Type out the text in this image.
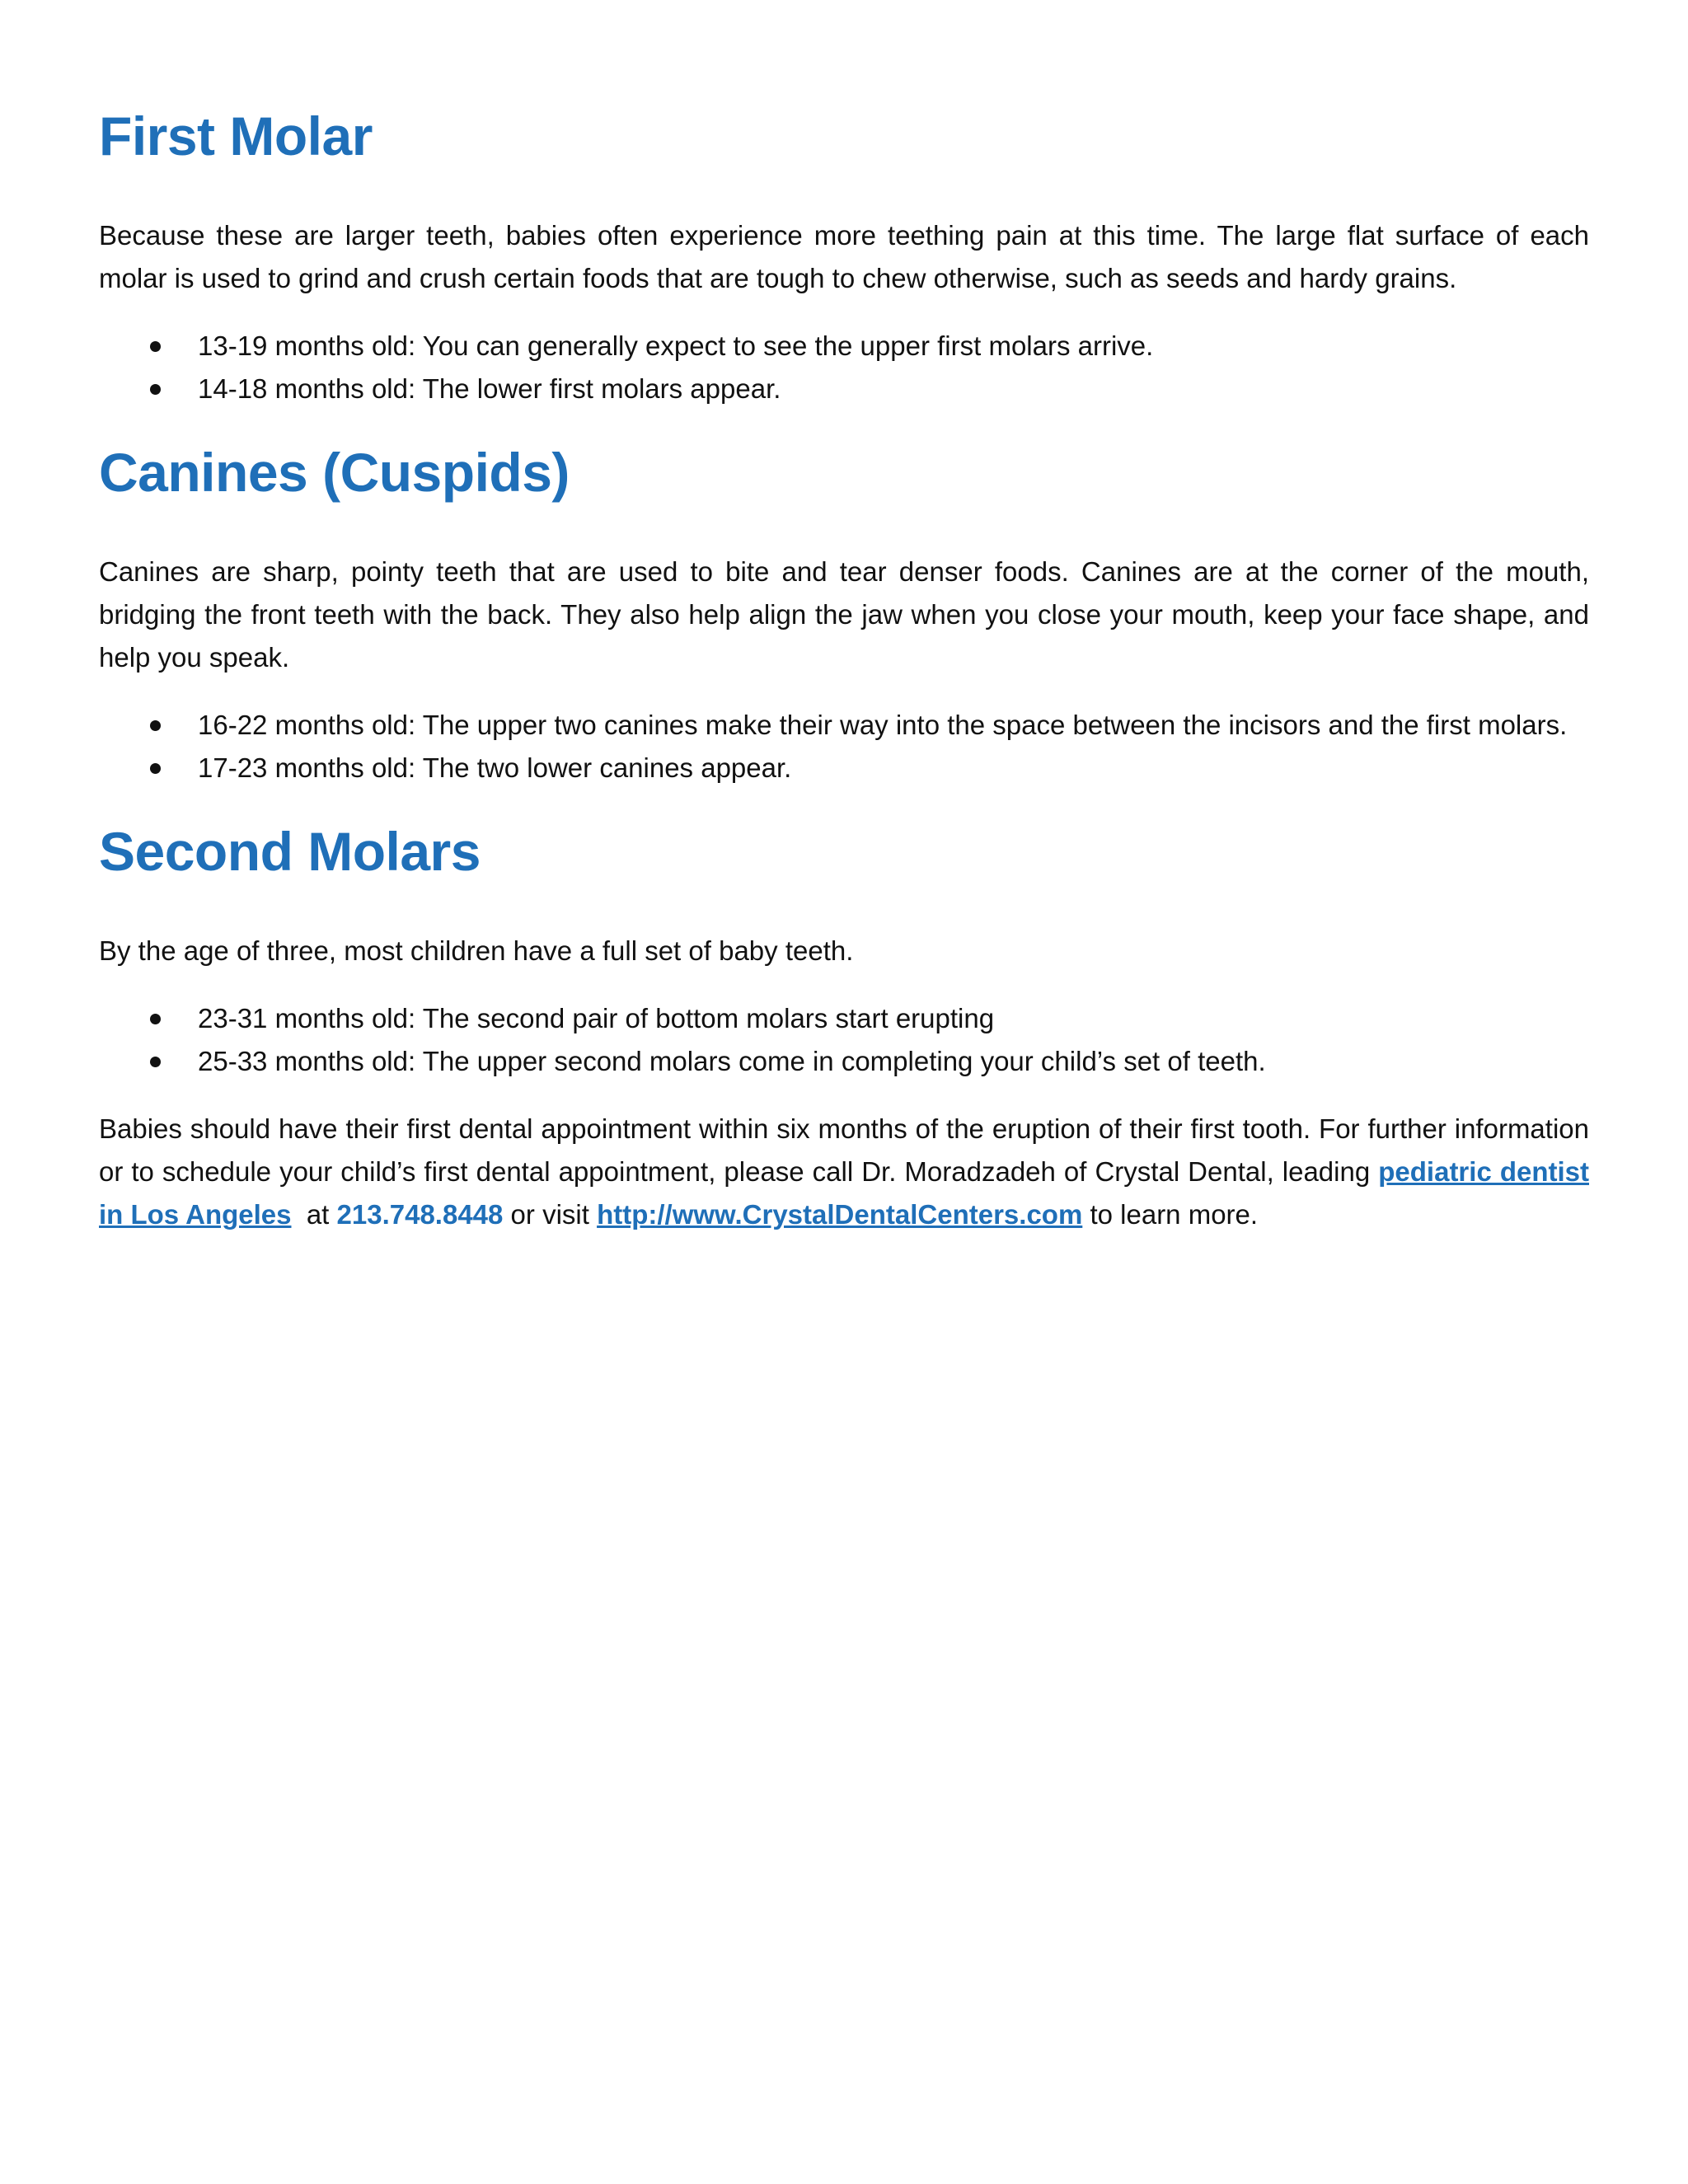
First Molar

Because these are larger teeth, babies often experience more teething pain at this time. The large flat surface of each molar is used to grind and crush certain foods that are tough to chew otherwise, such as seeds and hardy grains.

13-19 months old: You can generally expect to see the upper first molars arrive.
14-18 months old: The lower first molars appear.
Canines (Cuspids)

Canines are sharp, pointy teeth that are used to bite and tear denser foods. Canines are at the corner of the mouth, bridging the front teeth with the back. They also help align the jaw when you close your mouth, keep your face shape, and help you speak.

16-22 months old: The upper two canines make their way into the space between the incisors and the first molars.
17-23 months old: The two lower canines appear.
Second Molars

By the age of three, most children have a full set of baby teeth.

23-31 months old: The second pair of bottom molars start erupting
25-33 months old: The upper second molars come in completing your child’s set of teeth.

Babies should have their first dental appointment within six months of the eruption of their first tooth. For further information or to schedule your child’s first dental appointment, please call Dr. Moradzadeh of Crystal Dental, leading pediatric dentist in Los Angeles  at 213.748.8448 or visit http://www.CrystalDentalCenters.com to learn more.
